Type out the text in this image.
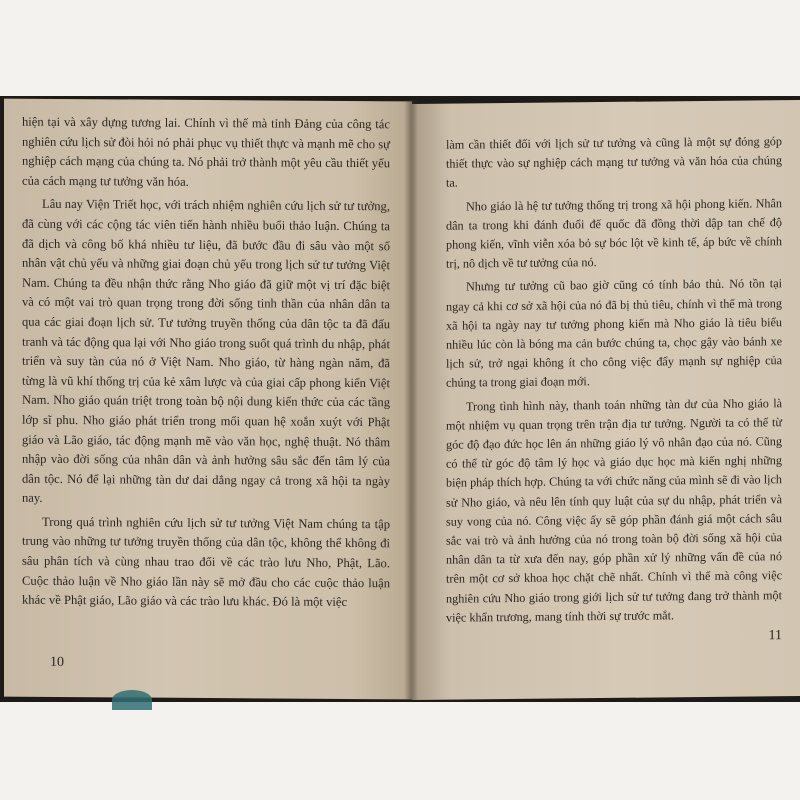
hiện tại và xây dựng tương lai. Chính vì thế mà tỉnh Đảng của công tác nghiên cứu lịch sử đòi hỏi nó phải phục vụ thiết thực và mạnh mẽ cho sự nghiệp cách mạng của chúng ta. Nó phải trở thành một yêu cầu thiết yếu của cách mạng tư tưởng văn hóa.

Lâu nay Viện Triết học, với trách nhiệm nghiên cứu lịch sử tư tưởng, đã cùng với các cộng tác viên tiến hành nhiều buổi thảo luận. Chúng ta đã dịch và công bố khá nhiều tư liệu, đã bước đầu đi sâu vào một số nhân vật chủ yếu và những giai đoạn chủ yếu trong lịch sử tư tưởng Việt Nam. Chúng ta đều nhận thức rằng Nho giáo đã giữ một vị trí đặc biệt và có một vai trò quan trọng trong đời sống tinh thần của nhân dân ta qua các giai đoạn lịch sử. Tư tưởng truyền thống của dân tộc ta đã đấu tranh và tác động qua lại với Nho giáo trong suốt quá trình du nhập, phát triển và suy tàn của nó ở Việt Nam. Nho giáo, từ hàng ngàn năm, đã từng là vũ khí thống trị của kẻ xâm lược và của giai cấp phong kiến Việt Nam. Nho giáo quán triệt trong toàn bộ nội dung kiến thức của các tầng lớp sĩ phu. Nho giáo phát triển trong mối quan hệ xoắn xuýt với Phật giáo và Lão giáo, tác động mạnh mẽ vào văn học, nghệ thuật. Nó thâm nhập vào đời sống của nhân dân và ảnh hưởng sâu sắc đến tâm lý của dân tộc. Nó để lại những tàn dư dai dẳng ngay cả trong xã hội ta ngày nay.

Trong quá trình nghiên cứu lịch sử tư tưởng Việt Nam chúng ta tập trung vào những tư tưởng truyền thống của dân tộc, không thể không đi sâu phân tích và cùng nhau trao đổi về các trào lưu Nho, Phật, Lão. Cuộc thảo luận về Nho giáo lần này sẽ mở đầu cho các cuộc thảo luận khác về Phật giáo, Lão giáo và các trào lưu khác. Đó là một việc

10

làm cần thiết đối với lịch sử tư tưởng và cũng là một sự đóng góp thiết thực vào sự nghiệp cách mạng tư tưởng và văn hóa của chúng ta.

Nho giáo là hệ tư tưởng thống trị trong xã hội phong kiến. Nhân dân ta trong khi đánh đuổi đế quốc đã đồng thời dập tan chế độ phong kiến, vĩnh viễn xóa bỏ sự bóc lột về kinh tế, áp bức về chính trị, nô dịch về tư tưởng của nó.

Nhưng tư tưởng cũ bao giờ cũng có tính bảo thủ. Nó tồn tại ngay cả khi cơ sở xã hội của nó đã bị thủ tiêu, chính vì thế mà trong xã hội ta ngày nay tư tưởng phong kiến mà Nho giáo là tiêu biểu nhiều lúc còn là bóng ma cản bước chúng ta, chọc gậy vào bánh xe lịch sử, trở ngại không ít cho công việc đẩy mạnh sự nghiệp của chúng ta trong giai đoạn mới.

Trong tình hình này, thanh toán những tàn dư của Nho giáo là một nhiệm vụ quan trọng trên trận địa tư tưởng. Người ta có thể từ góc độ đạo đức học lên án những giáo lý vô nhân đạo của nó. Cũng có thể từ góc độ tâm lý học và giáo dục học mà kiến nghị những biện pháp thích hợp. Chúng ta với chức năng của mình sẽ đi vào lịch sử Nho giáo, và nêu lên tính quy luật của sự du nhập, phát triển và suy vong của nó. Công việc ấy sẽ góp phần đánh giá một cách sâu sắc vai trò và ảnh hưởng của nó trong toàn bộ đời sống xã hội của nhân dân ta từ xưa đến nay, góp phần xử lý những vấn đề của nó trên một cơ sở khoa học chặt chẽ nhất. Chính vì thế mà công việc nghiên cứu Nho giáo trong giới lịch sử tư tưởng đang trở thành một việc khẩn trương, mang tính thời sự trước mắt.

11
